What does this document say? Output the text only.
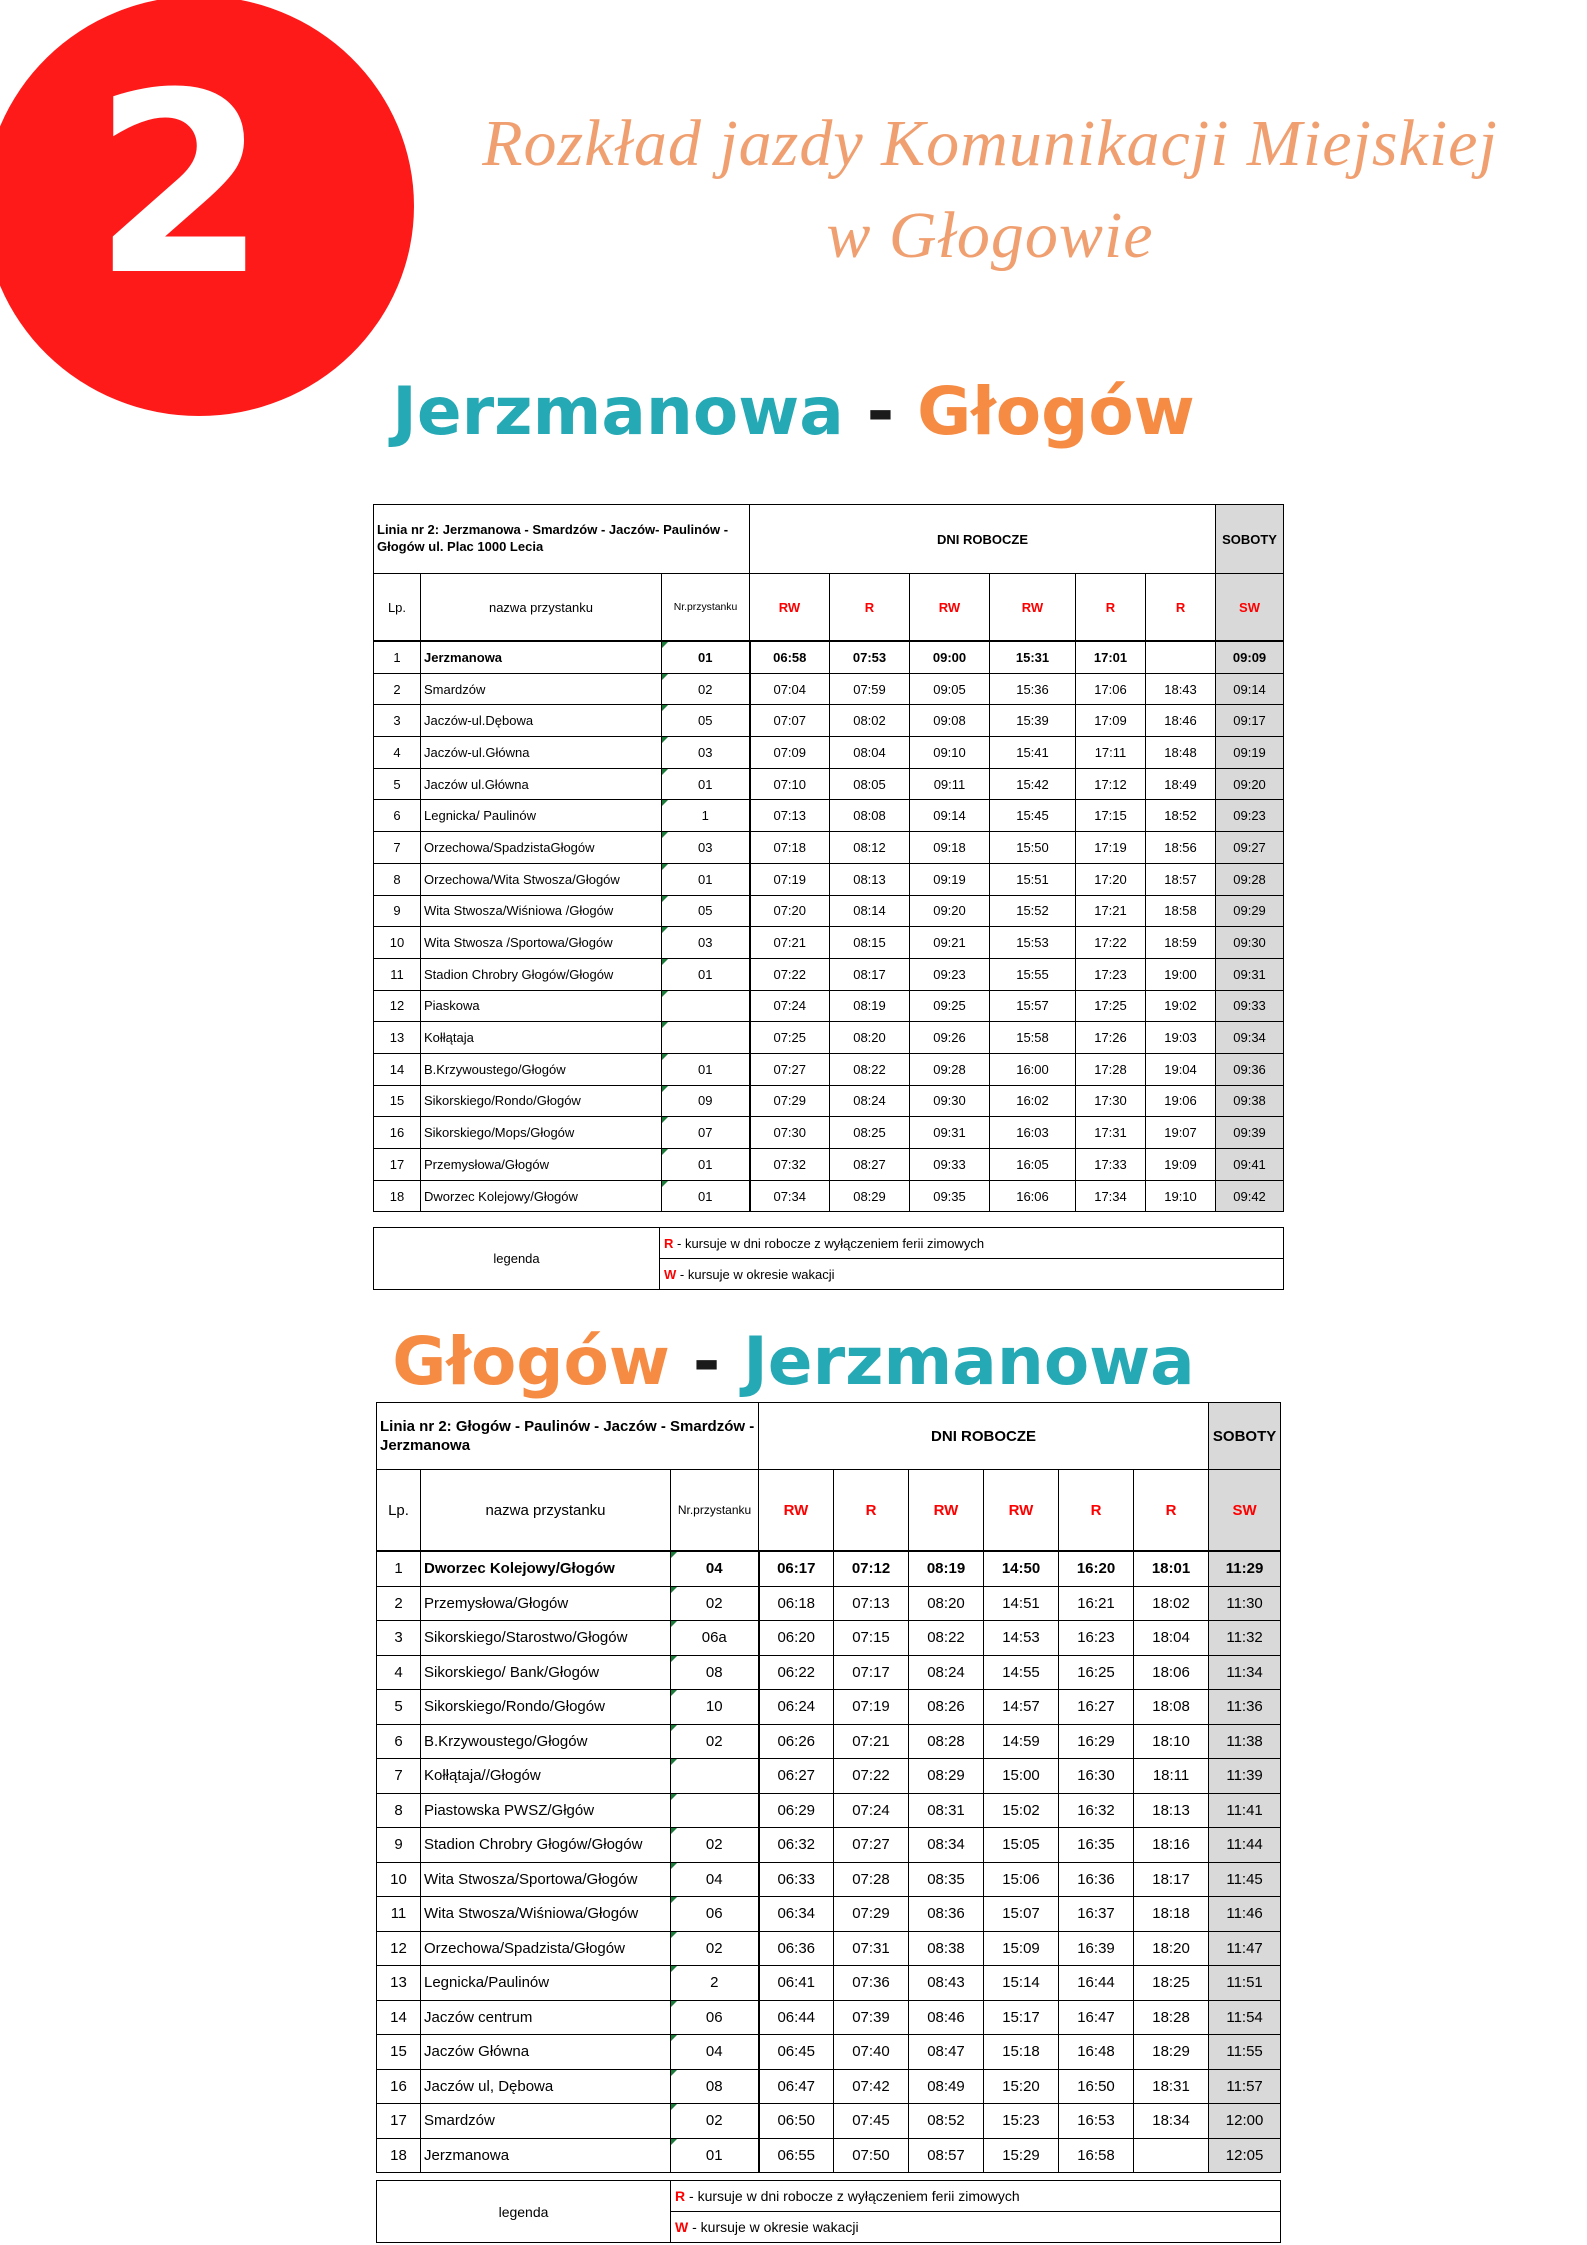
2	Rozkład jazdy Komunikacji Miejskiej
w Głogowie
Jerzmanowa - Głogów
Linia nr 2: Jerzmanowa - Smardzów - Jaczów- Paulinów - Głogów ul. Plac 1000 Lecia			DNI ROBOCZE						SOBOTY
Lp.	nazwa przystanku	Nr.przystanku	RW	R	RW	RW	R	R	SW
1	Jerzmanowa	01	06:58	07:53	09:00	15:31	17:01		09:09
2	Smardzów	02	07:04	07:59	09:05	15:36	17:06	18:43	09:14
3	Jaczów-ul.Dębowa	05	07:07	08:02	09:08	15:39	17:09	18:46	09:17
4	Jaczów-ul.Główna	03	07:09	08:04	09:10	15:41	17:11	18:48	09:19
5	Jaczów ul.Główna	01	07:10	08:05	09:11	15:42	17:12	18:49	09:20
6	Legnicka/ Paulinów	1	07:13	08:08	09:14	15:45	17:15	18:52	09:23
7	Orzechowa/SpadzistaGłogów	03	07:18	08:12	09:18	15:50	17:19	18:56	09:27
8	Orzechowa/Wita Stwosza/Głogów	01	07:19	08:13	09:19	15:51	17:20	18:57	09:28
9	Wita Stwosza/Wiśniowa /Głogów	05	07:20	08:14	09:20	15:52	17:21	18:58	09:29
10	Wita Stwosza /Sportowa/Głogów	03	07:21	08:15	09:21	15:53	17:22	18:59	09:30
11	Stadion Chrobry Głogów/Głogów	01	07:22	08:17	09:23	15:55	17:23	19:00	09:31
12	Piaskowa		07:24	08:19	09:25	15:57	17:25	19:02	09:33
13	Kołłątaja		07:25	08:20	09:26	15:58	17:26	19:03	09:34
14	B.Krzywoustego/Głogów	01	07:27	08:22	09:28	16:00	17:28	19:04	09:36
15	Sikorskiego/Rondo/Głogów	09	07:29	08:24	09:30	16:02	17:30	19:06	09:38
16	Sikorskiego/Mops/Głogów	07	07:30	08:25	09:31	16:03	17:31	19:07	09:39
17	Przemysłowa/Głogów	01	07:32	08:27	09:33	16:05	17:33	19:09	09:41
18	Dworzec Kolejowy/Głogów	01	07:34	08:29	09:35	16:06	17:34	19:10	09:42
legenda	R - kursuje w dni robocze z wyłączeniem ferii zimowych
W - kursuje w okresie wakacji
Głogów - Jerzmanowa
Linia nr 2: Głogów - Paulinów - Jaczów - Smardzów - Jerzmanowa			DNI ROBOCZE						SOBOTY
Lp.	nazwa przystanku	Nr.przystanku	RW	R	RW	RW	R	R	SW
1	Dworzec Kolejowy/Głogów	04	06:17	07:12	08:19	14:50	16:20	18:01	11:29
2	Przemysłowa/Głogów	02	06:18	07:13	08:20	14:51	16:21	18:02	11:30
3	Sikorskiego/Starostwo/Głogów	06a	06:20	07:15	08:22	14:53	16:23	18:04	11:32
4	Sikorskiego/ Bank/Głogów	08	06:22	07:17	08:24	14:55	16:25	18:06	11:34
5	Sikorskiego/Rondo/Głogów	10	06:24	07:19	08:26	14:57	16:27	18:08	11:36
6	B.Krzywoustego/Głogów	02	06:26	07:21	08:28	14:59	16:29	18:10	11:38
7	Kołłątaja//Głogów		06:27	07:22	08:29	15:00	16:30	18:11	11:39
8	Piastowska PWSZ/Głgów		06:29	07:24	08:31	15:02	16:32	18:13	11:41
9	Stadion Chrobry Głogów/Głogów	02	06:32	07:27	08:34	15:05	16:35	18:16	11:44
10	Wita Stwosza/Sportowa/Głogów	04	06:33	07:28	08:35	15:06	16:36	18:17	11:45
11	Wita Stwosza/Wiśniowa/Głogów	06	06:34	07:29	08:36	15:07	16:37	18:18	11:46
12	Orzechowa/Spadzista/Głogów	02	06:36	07:31	08:38	15:09	16:39	18:20	11:47
13	Legnicka/Paulinów	2	06:41	07:36	08:43	15:14	16:44	18:25	11:51
14	Jaczów centrum	06	06:44	07:39	08:46	15:17	16:47	18:28	11:54
15	Jaczów Główna	04	06:45	07:40	08:47	15:18	16:48	18:29	11:55
16	Jaczów ul, Dębowa	08	06:47	07:42	08:49	15:20	16:50	18:31	11:57
17	Smardzów	02	06:50	07:45	08:52	15:23	16:53	18:34	12:00
18	Jerzmanowa	01	06:55	07:50	08:57	15:29	16:58		12:05
legenda	R - kursuje w dni robocze z wyłączeniem ferii zimowych
W - kursuje w okresie wakacji
